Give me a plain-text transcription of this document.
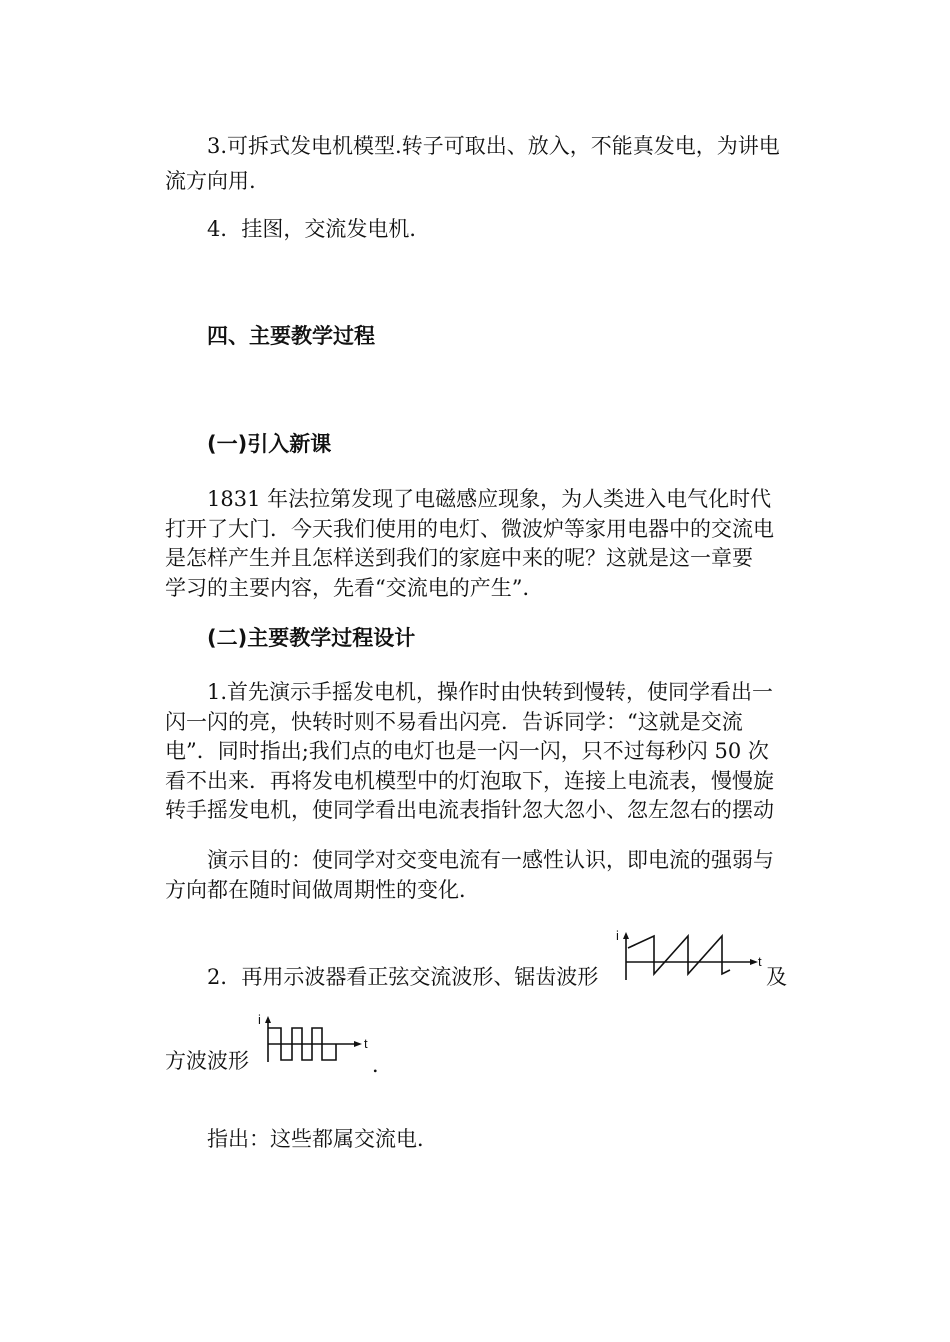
3.可拆式发电机模型.转子可取出、放入，不能真发电，为讲电
流方向用.
4．挂图，交流发电机．
四、主要教学过程
(一)引入新课
1831 年法拉第发现了电磁感应现象，为人类进入电气化时代
打开了大门．今天我们使用的电灯、微波炉等家用电器中的交流电
是怎样产生并且怎样送到我们的家庭中来的呢？这就是这一章要
学习的主要内容，先看“交流电的产生”．
(二)主要教学过程设计
1.首先演示手摇发电机，操作时由快转到慢转，使同学看出一
闪一闪的亮，快转时则不易看出闪亮．告诉同学：“这就是交流
电”．同时指出;我们点的电灯也是一闪一闪，只不过每秒闪 50 次
看不出来．再将发电机模型中的灯泡取下，连接上电流表，慢慢旋
转手摇发电机，使同学看出电流表指针忽大忽小、忽左忽右的摆动
演示目的：使同学对交变电流有一感性认识，即电流的强弱与
方向都在随时间做周期性的变化．
2．再用示波器看正弦交流波形、锯齿波形
i
t
及
方波波形
i
t
．
指出：这些都属交流电．
